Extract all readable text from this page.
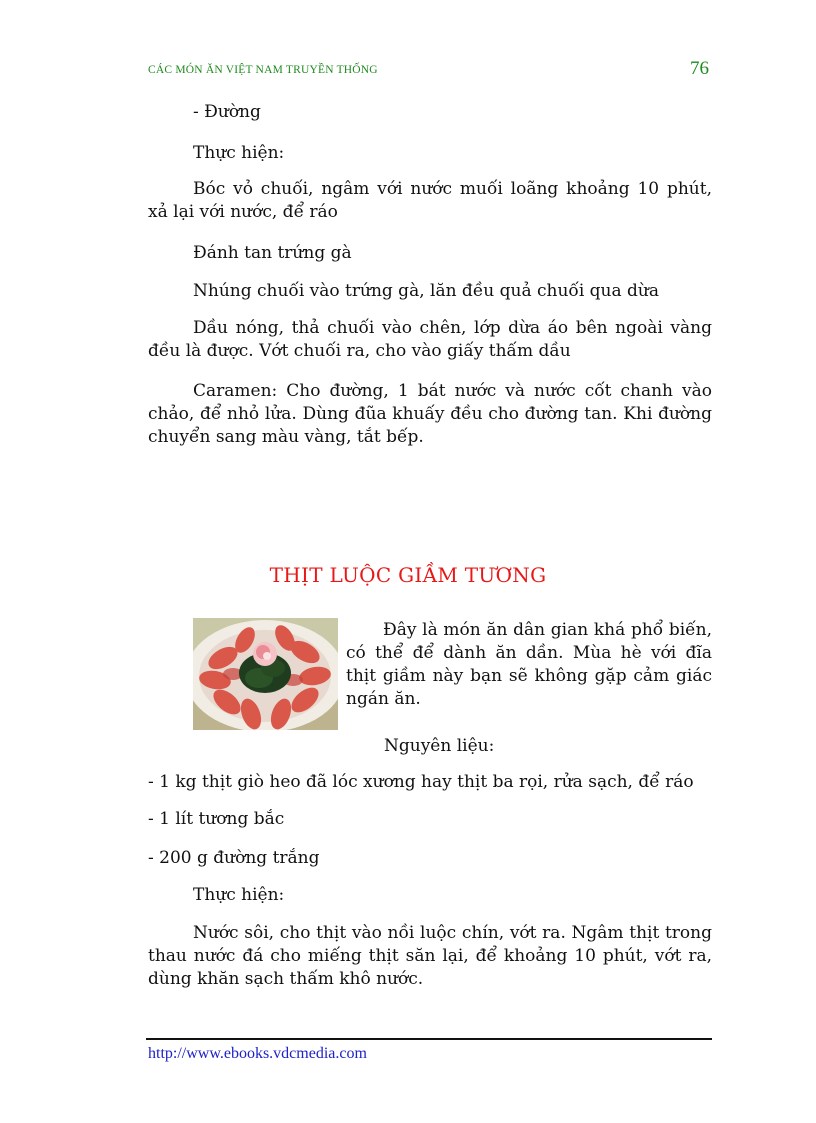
CÁC MÓN ĂN VIỆT NAM TRUYỀN THỐNG	76

- Đường

Thực hiện:

Bóc vỏ chuối, ngâm với nước muối loãng khoảng 10 phút, xả lại với nước, để ráo

Đánh tan trứng gà

Nhúng chuối vào trứng gà, lăn đều quả chuối qua dừa

Dầu nóng, thả chuối vào chên, lớp dừa áo bên ngoài vàng đều là được. Vớt chuối ra, cho vào giấy thấm dầu

Caramen: Cho đường, 1 bát nước và nước cốt chanh vào chảo, để nhỏ lửa. Dùng đũa khuấy đều cho đường tan. Khi đường chuyển sang màu vàng, tắt bếp.

THỊT LUỘC GIẦM TƯƠNG

Đây là món ăn dân gian khá phổ biến, có thể để dành ăn dần. Mùa hè với đĩa thịt giầm này bạn sẽ không gặp cảm giác ngán ăn.

Nguyên liệu:

- 1 kg thịt giò heo đã lóc xương hay thịt ba rọi, rửa sạch, để ráo

- 1 lít tương bắc

- 200 g đường trắng

Thực hiện:

Nước sôi, cho thịt vào nồi luộc chín, vớt ra. Ngâm thịt trong thau nước đá cho miếng thịt săn lại, để khoảng 10 phút, vớt ra, dùng khăn sạch thấm khô nước.

http://www.ebooks.vdcmedia.com
